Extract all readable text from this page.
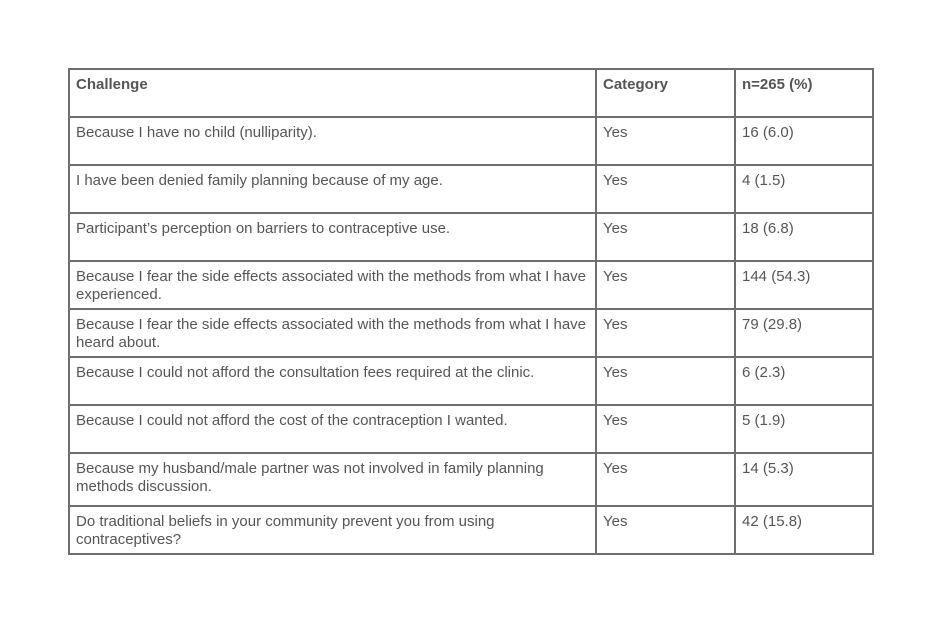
Challenge	Category	n=265 (%)
Because I have no child (nulliparity).	Yes	16 (6.0)
I have been denied family planning because of my age.	Yes	4 (1.5)
Participant’s perception on barriers to contraceptive use.	Yes	18 (6.8)
Because I fear the side effects associated with the methods from what I have experienced.	Yes	144 (54.3)
Because I fear the side effects associated with the methods from what I have heard about.	Yes	79 (29.8)
Because I could not afford the consultation fees required at the clinic.	Yes	6 (2.3)
Because I could not afford the cost of the contraception I wanted.	Yes	5 (1.9)
Because my husband/male partner was not involved in family planning methods discussion.	Yes	14 (5.3)
Do traditional beliefs in your community prevent you from using contraceptives?	Yes	42 (15.8)
